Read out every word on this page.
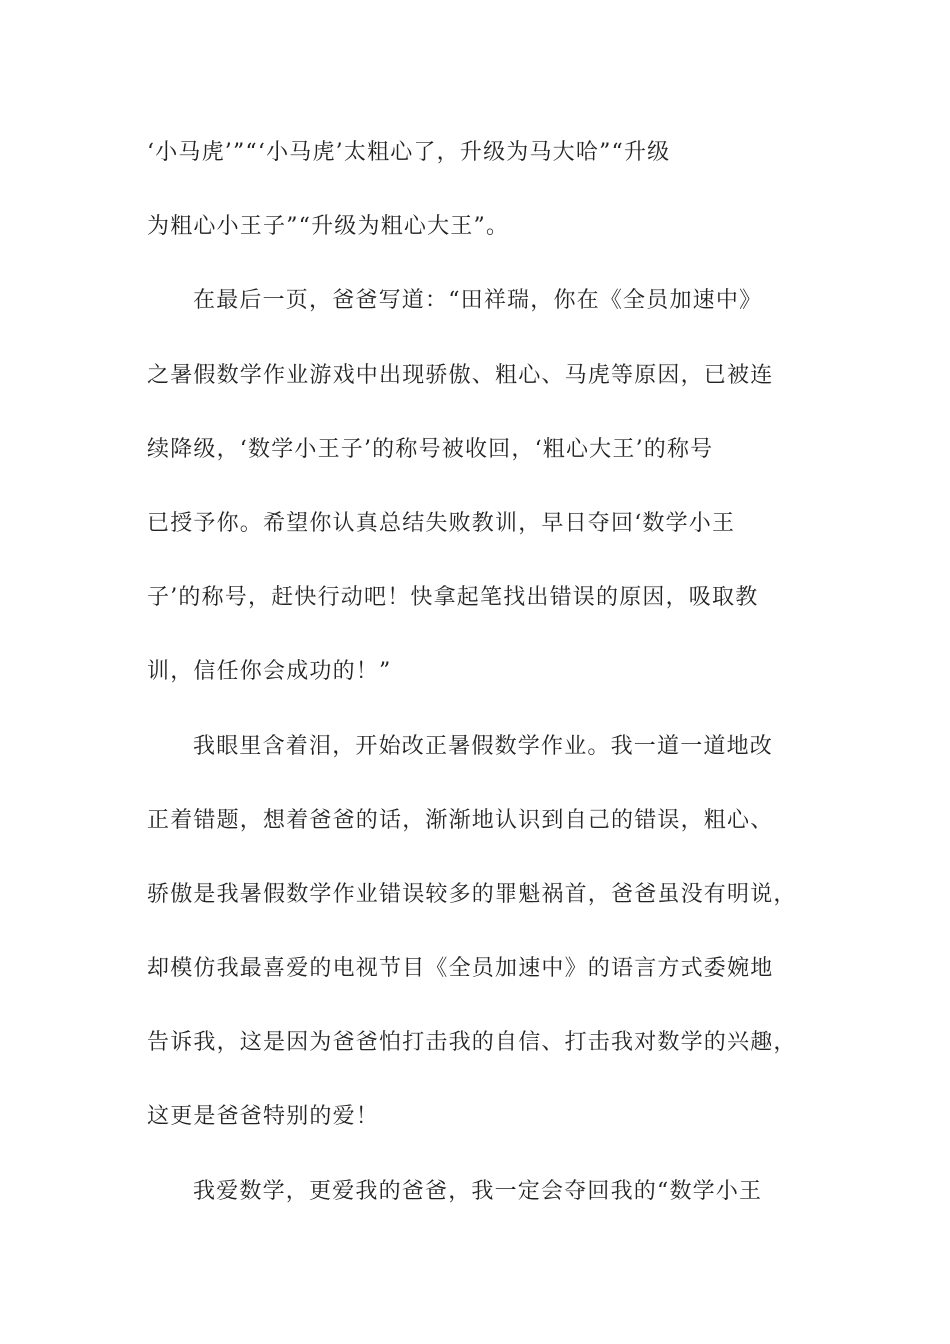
‘小马虎’”“‘小马虎’太粗心了，升级为马大哈”“升级
为粗心小王子”“升级为粗心大王”。
在最后一页，爸爸写道：“田祥瑞，你在《全员加速中》
之暑假数学作业游戏中出现骄傲、粗心、马虎等原因，已被连
续降级，‘数学小王子’的称号被收回，‘粗心大王’的称号
已授予你。希望你认真总结失败教训，早日夺回‘数学小王
子’的称号，赶快行动吧！快拿起笔找出错误的原因，吸取教
训，信任你会成功的！”
我眼里含着泪，开始改正暑假数学作业。我一道一道地改
正着错题，想着爸爸的话，渐渐地认识到自己的错误，粗心、
骄傲是我暑假数学作业错误较多的罪魁祸首，爸爸虽没有明说，
却模仿我最喜爱的电视节目《全员加速中》的语言方式委婉地
告诉我，这是因为爸爸怕打击我的自信、打击我对数学的兴趣，
这更是爸爸特别的爱！
我爱数学，更爱我的爸爸，我一定会夺回我的“数学小王
